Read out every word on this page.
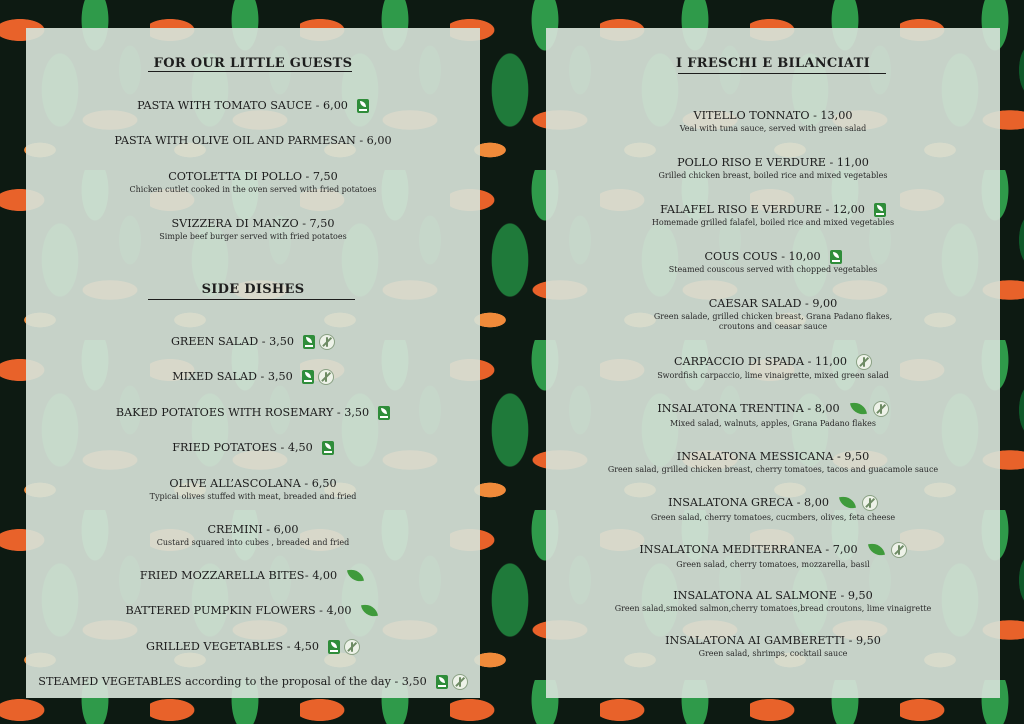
FOR OUR LITTLE GUESTS
PASTA WITH TOMATO SAUCE - 6,00
PASTA WITH OLIVE OIL AND PARMESAN - 6,00
COTOLETTA DI POLLO - 7,50
Chicken cutlet cooked in the oven served with fried potatoes
SVIZZERA DI MANZO - 7,50
Simple beef burger served with fried potatoes
SIDE DISHES
GREEN SALAD - 3,50
MIXED SALAD - 3,50
BAKED POTATOES WITH ROSEMARY - 3,50
FRIED POTATOES - 4,50
OLIVE ALL’ASCOLANA - 6,50
Typical olives stuffed with meat, breaded and fried
CREMINI - 6,00
Custard squared into cubes , breaded and fried
FRIED MOZZARELLA BITES- 4,00
BATTERED PUMPKIN FLOWERS - 4,00
GRILLED VEGETABLES - 4,50
STEAMED VEGETABLES according to the proposal of the day - 3,50
I FRESCHI E BILANCIATI
VITELLO TONNATO - 13,00
Veal with tuna sauce, served with green salad
POLLO RISO E VERDURE - 11,00
Grilled chicken breast, boiled rice and mixed vegetables
FALAFEL RISO E VERDURE - 12,00
Homemade grilled falafel, boiled rice and mixed vegetables
COUS COUS - 10,00
Steamed couscous served with chopped vegetables
CAESAR SALAD - 9,00
Green salade, grilled chicken breast, Grana Padano flakes,
croutons and ceasar sauce
CARPACCIO DI SPADA - 11,00
Swordfish carpaccio, lime vinaigrette, mixed green salad
INSALATONA TRENTINA - 8,00
Mixed salad, walnuts, apples, Grana Padano flakes
INSALATONA MESSICANA - 9,50
Green salad, grilled chicken breast, cherry tomatoes, tacos and guacamole sauce
INSALATONA GRECA - 8,00
Green salad, cherry tomatoes, cucmbers, olives, feta cheese
INSALATONA MEDITERRANEA - 7,00
Green salad, cherry tomatoes, mozzarella, basil
INSALATONA AL SALMONE - 9,50
Green salad,smoked salmon,cherry tomatoes,bread croutons, lime vinaigrette
INSALATONA AI GAMBERETTI - 9,50
Green salad, shrimps, cocktail sauce
